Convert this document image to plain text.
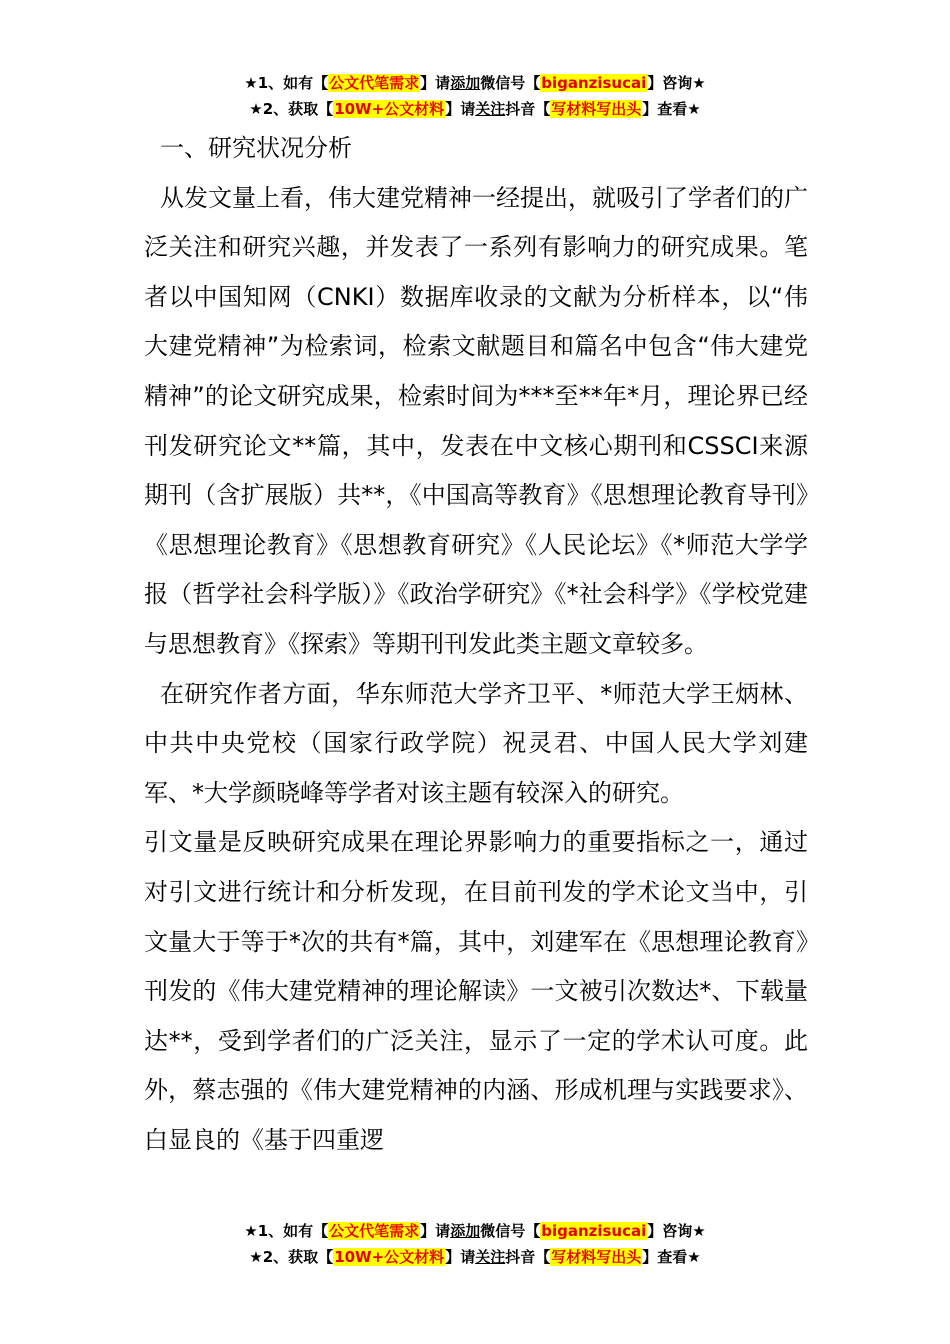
★1、如有【公文代笔需求】请添加微信号【biganzisucai】咨询★
★2、获取【10W+公文材料】请关注抖音【写材料写出头】查看★

一、研究状况分析

从发文量上看，伟大建党精神一经提出，就吸引了学者们的广泛关注和研究兴趣，并发表了一系列有影响力的研究成果。笔者以中国知网（CNKI）数据库收录的文献为分析样本，以“伟大建党精神”为检索词，检索文献题目和篇名中包含“伟大建党精神”的论文研究成果，检索时间为***至**年*月，理论界已经刊发研究论文**篇，其中，发表在中文核心期刊和CSSCI来源期刊（含扩展版）共**，《中国高等教育》《思想理论教育导刊》《思想理论教育》《思想教育研究》《人民论坛》《*师范大学学报（哲学社会科学版）》《政治学研究》《*社会科学》《学校党建与思想教育》《探索》等期刊刊发此类主题文章较多。

在研究作者方面，华东师范大学齐卫平、*师范大学王炳林、中共中央党校（国家行政学院）祝灵君、中国人民大学刘建军、*大学颜晓峰等学者对该主题有较深入的研究。

引文量是反映研究成果在理论界影响力的重要指标之一，通过对引文进行统计和分析发现，在目前刊发的学术论文当中，引文量大于等于*次的共有*篇，其中，刘建军在《思想理论教育》刊发的《伟大建党精神的理论解读》一文被引次数达*、下载量达**，受到学者们的广泛关注，显示了一定的学术认可度。此外，蔡志强的《伟大建党精神的内涵、形成机理与实践要求》、白显良的《基于四重逻

★1、如有【公文代笔需求】请添加微信号【biganzisucai】咨询★
★2、获取【10W+公文材料】请关注抖音【写材料写出头】查看★
